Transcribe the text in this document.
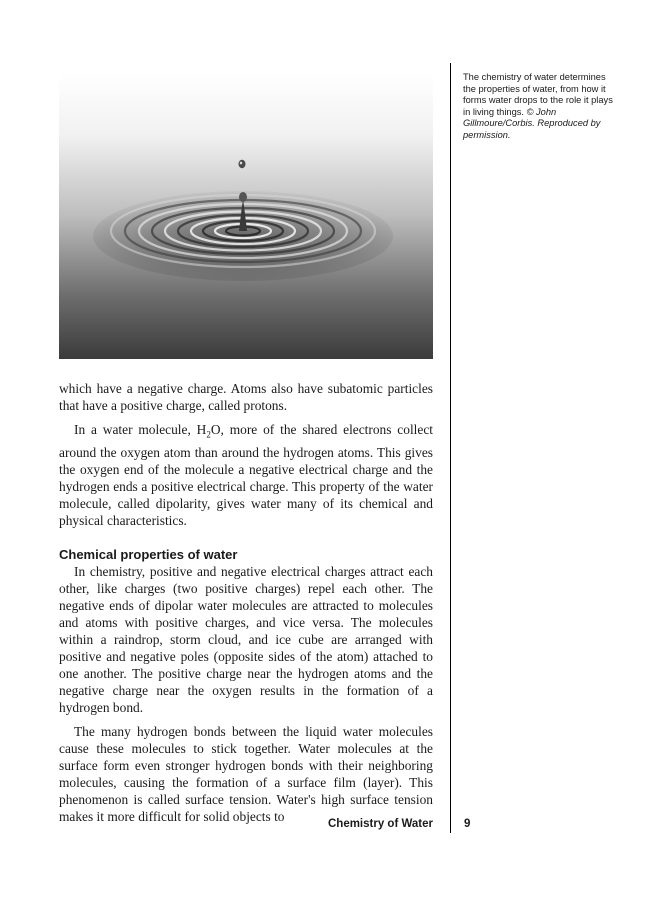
The chemistry of water determines the properties of water, from how it forms water drops to the role it plays in living things. © John Gillmoure/Corbis. Reproduced by permission.

which have a negative charge. Atoms also have subatomic particles that have a positive charge, called protons.

In a water molecule, $H_2O$, more of the shared electrons collect around the oxygen atom than around the hydrogen atoms. This gives the oxygen end of the molecule a negative electrical charge and the hydrogen ends a positive electrical charge. This property of the water molecule, called dipolarity, gives water many of its chemical and physical characteristics.

Chemical properties of water

In chemistry, positive and negative electrical charges attract each other, like charges (two positive charges) repel each other. The negative ends of dipolar water molecules are attracted to molecules and atoms with positive charges, and vice versa. The molecules within a raindrop, storm cloud, and ice cube are arranged with positive and negative poles (opposite sides of the atom) attached to one another. The positive charge near the hydrogen atoms and the negative charge near the oxygen results in the formation of a hydrogen bond.

The many hydrogen bonds between the liquid water molecules cause these molecules to stick together. Water molecules at the surface form even stronger hydrogen bonds with their neighboring molecules, causing the formation of a surface film (layer). This phenomenon is called surface tension. Water's high surface tension makes it more difficult for solid objects to

Chemistry of Water	9
